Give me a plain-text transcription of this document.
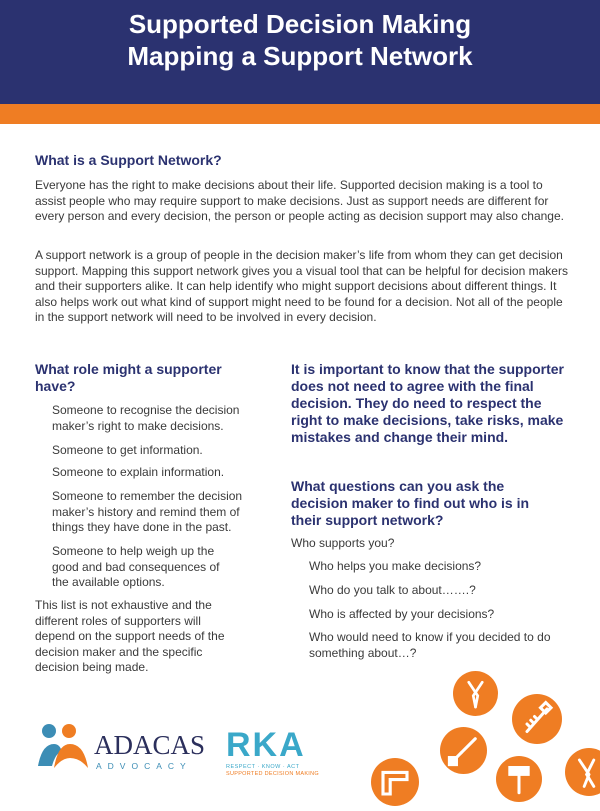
Supported Decision Making
Mapping a Support Network
What is a Support Network?

Everyone has the right to make decisions about their life. Supported decision making is a tool to assist people who may require support to make decisions. Just as support needs are different for every person and every decision, the person or people acting as decision support may also change.

A support network is a group of people in the decision maker’s life from whom they can get decision support. Mapping this support network gives you a visual tool that can be helpful for decision makers and their supporters alike. It can help identify who might support decisions about different things. It also helps work out what kind of support might need to be found for a decision. Not all of the people in the support network will need to be involved in every decision.

What role might a supporter have?
Someone to recognise the decision maker’s right to make decisions.
Someone to get information.
Someone to explain information.
Someone to remember the decision maker’s history and remind them of things they have done in the past.
Someone to help weigh up the good and bad consequences of the available options.

This list is not exhaustive and the different roles of supporters will depend on the support needs of the decision maker and the specific decision being made.

It is important to know that the supporter does not need to agree with the final decision. They do need to respect the right to make decisions, take risks, make mistakes and change their mind.
What questions can you ask the decision maker to find out who is in their support network?
Who supports you?
Who helps you make decisions?
Who do you talk to about…….?
Who is affected by your decisions?
Who would need to know if you decided to do something about…?
ADACAS
ADVOCACY
RKA
RESPECT · KNOW · ACT
SUPPORTED DECISION MAKING
